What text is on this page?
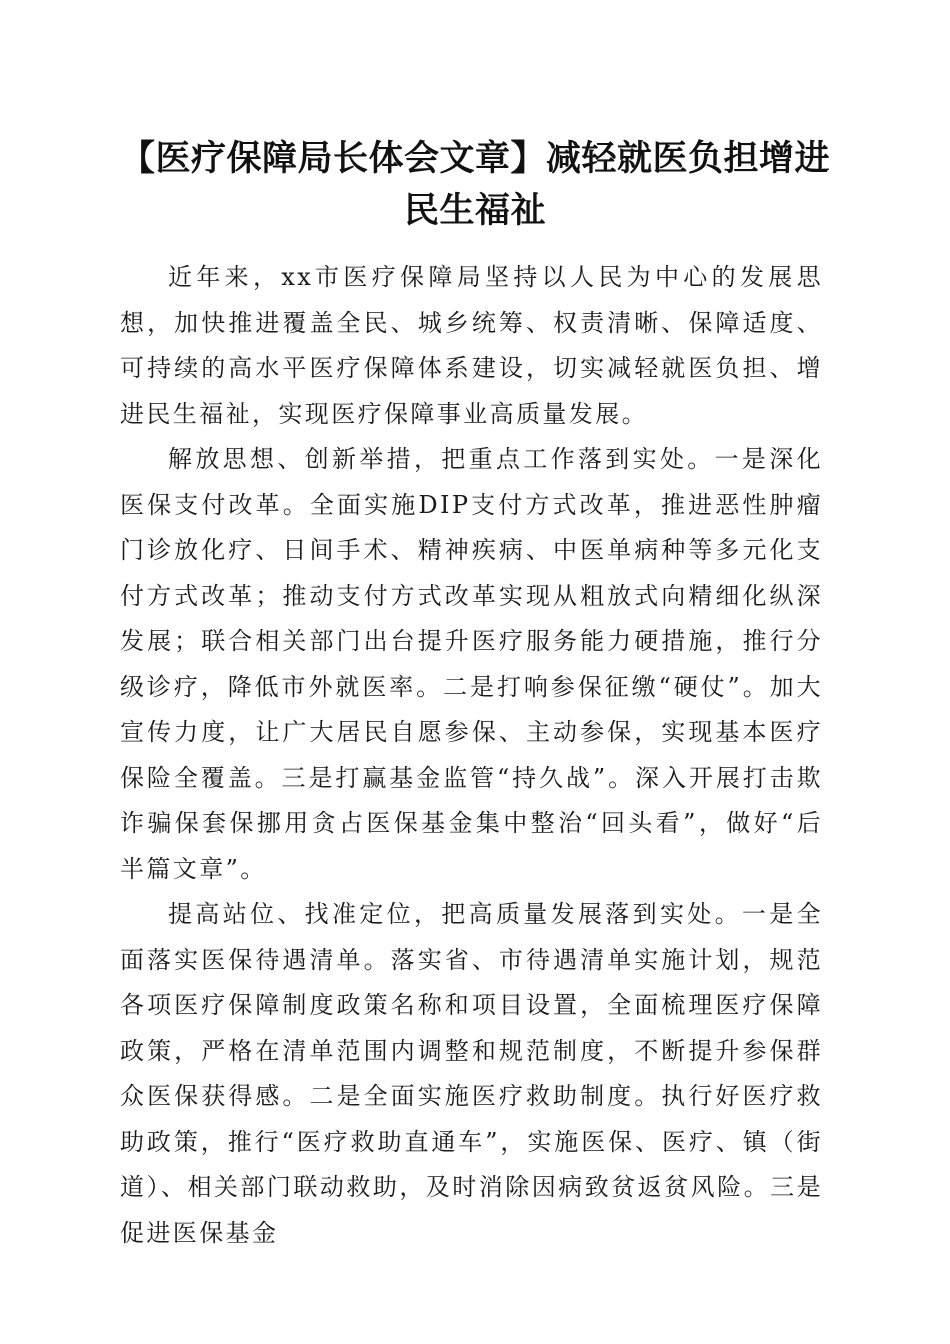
【医疗保障局长体会文章】减轻就医负担增进民生福祉

近年来，xx市医疗保障局坚持以人民为中心的发展思想，加快推进覆盖全民、城乡统筹、权责清晰、保障适度、可持续的高水平医疗保障体系建设，切实减轻就医负担、增进民生福祉，实现医疗保障事业高质量发展。

解放思想、创新举措，把重点工作落到实处。一是深化医保支付改革。全面实施DIP支付方式改革，推进恶性肿瘤门诊放化疗、日间手术、精神疾病、中医单病种等多元化支付方式改革；推动支付方式改革实现从粗放式向精细化纵深发展；联合相关部门出台提升医疗服务能力硬措施，推行分级诊疗，降低市外就医率。二是打响参保征缴“硬仗”。加大宣传力度，让广大居民自愿参保、主动参保，实现基本医疗保险全覆盖。三是打赢基金监管“持久战”。深入开展打击欺诈骗保套保挪用贪占医保基金集中整治“回头看”，做好“后半篇文章”。

提高站位、找准定位，把高质量发展落到实处。一是全面落实医保待遇清单。落实省、市待遇清单实施计划，规范各项医疗保障制度政策名称和项目设置，全面梳理医疗保障政策，严格在清单范围内调整和规范制度，不断提升参保群众医保获得感。二是全面实施医疗救助制度。执行好医疗救助政策，推行“医疗救助直通车”，实施医保、医疗、镇（街道）、相关部门联动救助，及时消除因病致贫返贫风险。三是促进医保基金
